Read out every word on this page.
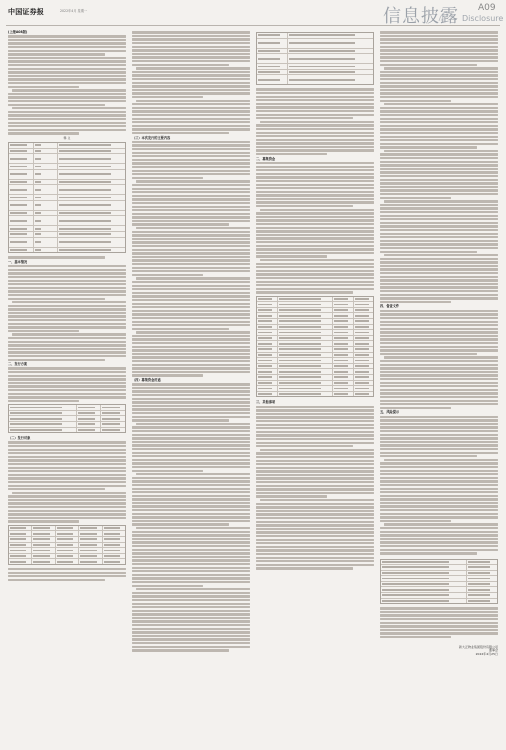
中国证券报	2022年4月 星期一	信息披露 A09
Disclosure

(上接A08版)

释 义

一、基本情况

二、发行方案

（二）发行对象

（三）本次发行的主要内容

（四）募集资金用途

二、募集资金

三、其他事项

四、备查文件

五、风险提示

新大正物业集团股份有限公司

董事会

2022年4月25日
